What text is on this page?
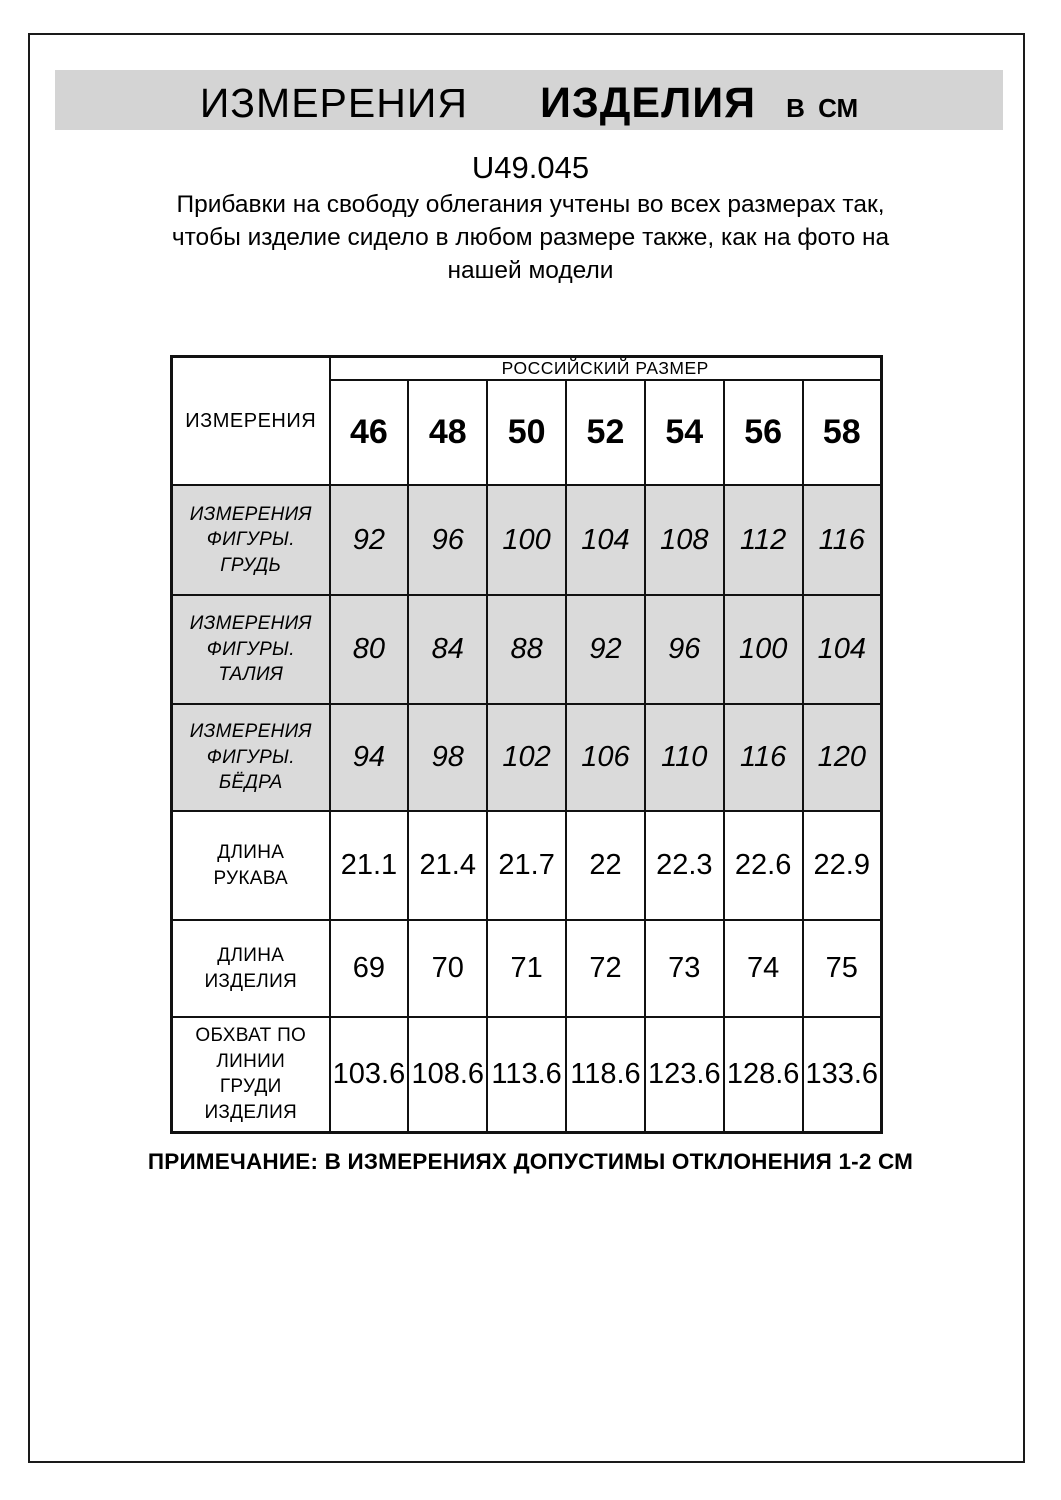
ИЗМЕРЕНИЯ ИЗДЕЛИЯ В СМ
U49.045
Прибавки на свободу облегания учтены во всех размерах так,
чтобы изделие сидело в любом размере также, как на фото на
нашей модели
ИЗМЕРЕНИЯ	РОССИЙСКИЙ РАЗМЕР						
	46	48	50	52	54	56	58
ИЗМЕРЕНИЯ ФИГУРЫ. ГРУДЬ	92	96	100	104	108	112	116
ИЗМЕРЕНИЯ ФИГУРЫ. ТАЛИЯ	80	84	88	92	96	100	104
ИЗМЕРЕНИЯ ФИГУРЫ. БЁДРА	94	98	102	106	110	116	120
ДЛИНА РУКАВА	21.1	21.4	21.7	22	22.3	22.6	22.9
ДЛИНА ИЗДЕЛИЯ	69	70	71	72	73	74	75
ОБХВАТ ПО ЛИНИИ ГРУДИ ИЗДЕЛИЯ	103.6	108.6	113.6	118.6	123.6	128.6	133.6
ПРИМЕЧАНИЕ: В ИЗМЕРЕНИЯХ ДОПУСТИМЫ ОТКЛОНЕНИЯ 1-2 СМ
